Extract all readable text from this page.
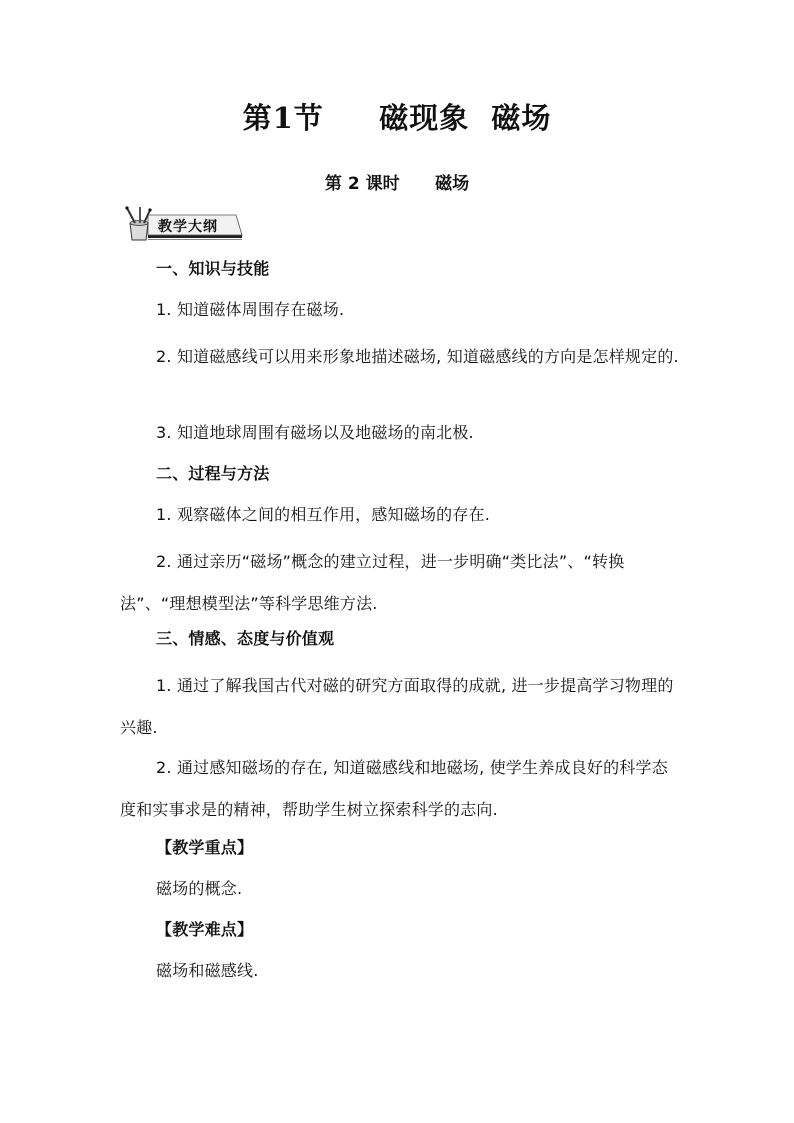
第1节     磁现象  磁场
第 2 课时      磁场
教学大纲
一、知识与技能
1. 知道磁体周围存在磁场.
2. 知道磁感线可以用来形象地描述磁场, 知道磁感线的方向是怎样规定的.
3. 知道地球周围有磁场以及地磁场的南北极.
二、过程与方法
1. 观察磁体之间的相互作用，感知磁场的存在.
2. 通过亲历“磁场”概念的建立过程，进一步明确“类比法”、“转换法”、“理想模型法”等科学思维方法.
三、情感、态度与价值观
1. 通过了解我国古代对磁的研究方面取得的成就, 进一步提高学习物理的兴趣.
2. 通过感知磁场的存在, 知道磁感线和地磁场, 使学生养成良好的科学态度和实事求是的精神，帮助学生树立探索科学的志向.
【教学重点】
磁场的概念.
【教学难点】
磁场和磁感线.
